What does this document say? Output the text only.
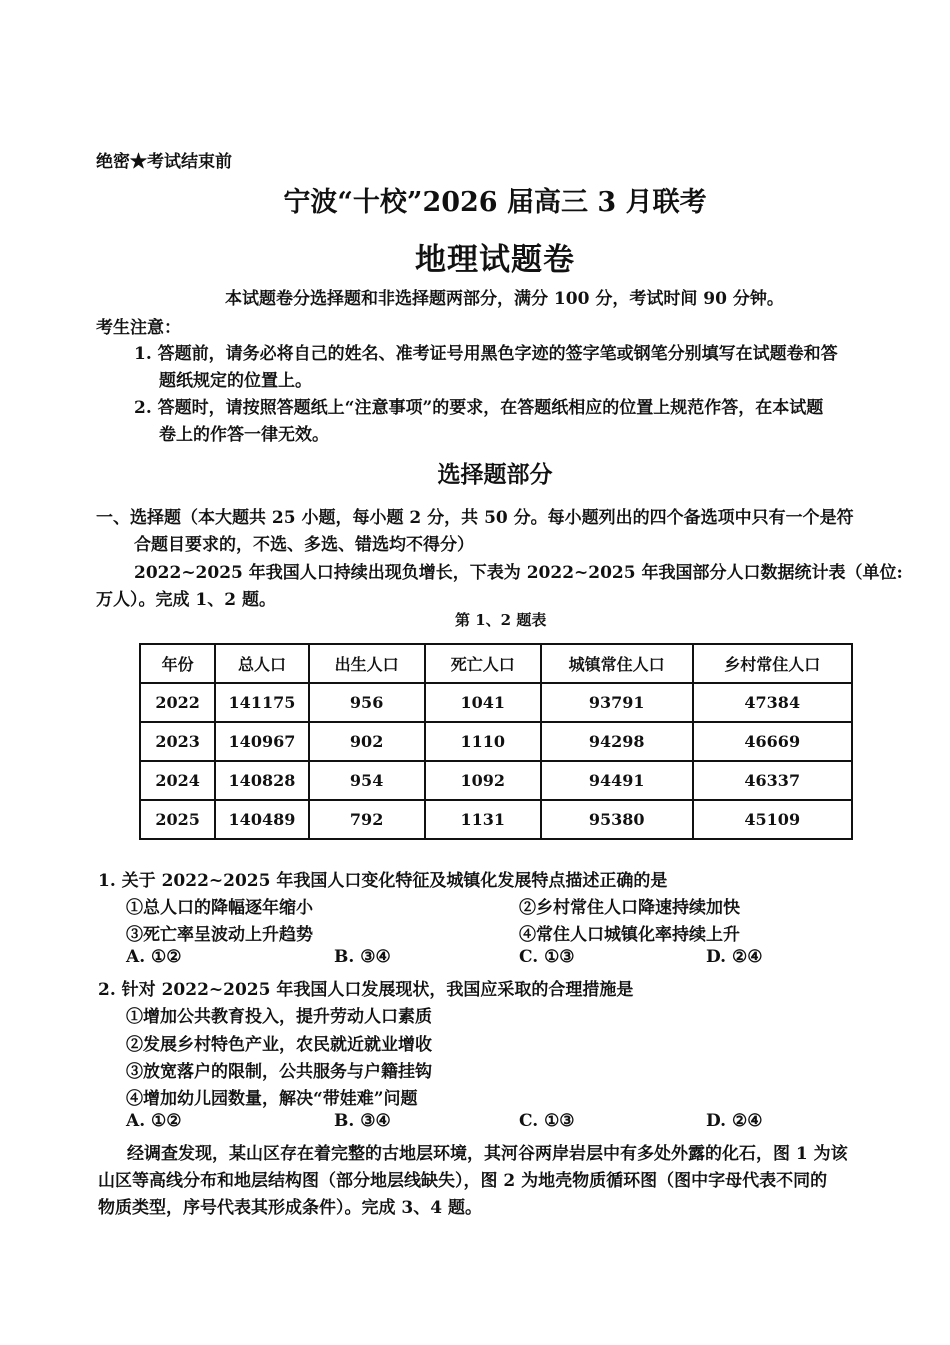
绝密★考试结束前
宁波“十校”2026 届高三 3 月联考
地理试题卷
本试题卷分选择题和非选择题两部分，满分 100 分，考试时间 90 分钟。
考生注意：
1. 答题前，请务必将自己的姓名、准考证号用黑色字迹的签字笔或钢笔分别填写在试题卷和答
题纸规定的位置上。
2. 答题时，请按照答题纸上“注意事项”的要求，在答题纸相应的位置上规范作答，在本试题
卷上的作答一律无效。
选择题部分
一、选择题（本大题共 25 小题，每小题 2 分，共 50 分。每小题列出的四个备选项中只有一个是符
合题目要求的，不选、多选、错选均不得分）
2022~2025 年我国人口持续出现负增长，下表为 2022~2025 年我国部分人口数据统计表（单位:
万人）。完成 1、2 题。
第 1、2 题表
年份	总人口	出生人口	死亡人口	城镇常住人口	乡村常住人口
2022	141175	956	1041	93791	47384
2023	140967	902	1110	94298	46669
2024	140828	954	1092	94491	46337
2025	140489	792	1131	95380	45109
1. 关于 2022~2025 年我国人口变化特征及城镇化发展特点描述正确的是
①总人口的降幅逐年缩小	②乡村常住人口降速持续加快
③死亡率呈波动上升趋势	④常住人口城镇化率持续上升
A. ①②	B. ③④	C. ①③	D. ②④
2. 针对 2022~2025 年我国人口发展现状，我国应采取的合理措施是
①增加公共教育投入，提升劳动人口素质
②发展乡村特色产业，农民就近就业增收
③放宽落户的限制，公共服务与户籍挂钩
④增加幼儿园数量，解决“带娃难”问题
A. ①②	B. ③④	C. ①③	D. ②④
经调查发现，某山区存在着完整的古地层环境，其河谷两岸岩层中有多处外露的化石，图 1 为该
山区等高线分布和地层结构图（部分地层线缺失），图 2 为地壳物质循环图（图中字母代表不同的
物质类型，序号代表其形成条件）。完成 3、4 题。
